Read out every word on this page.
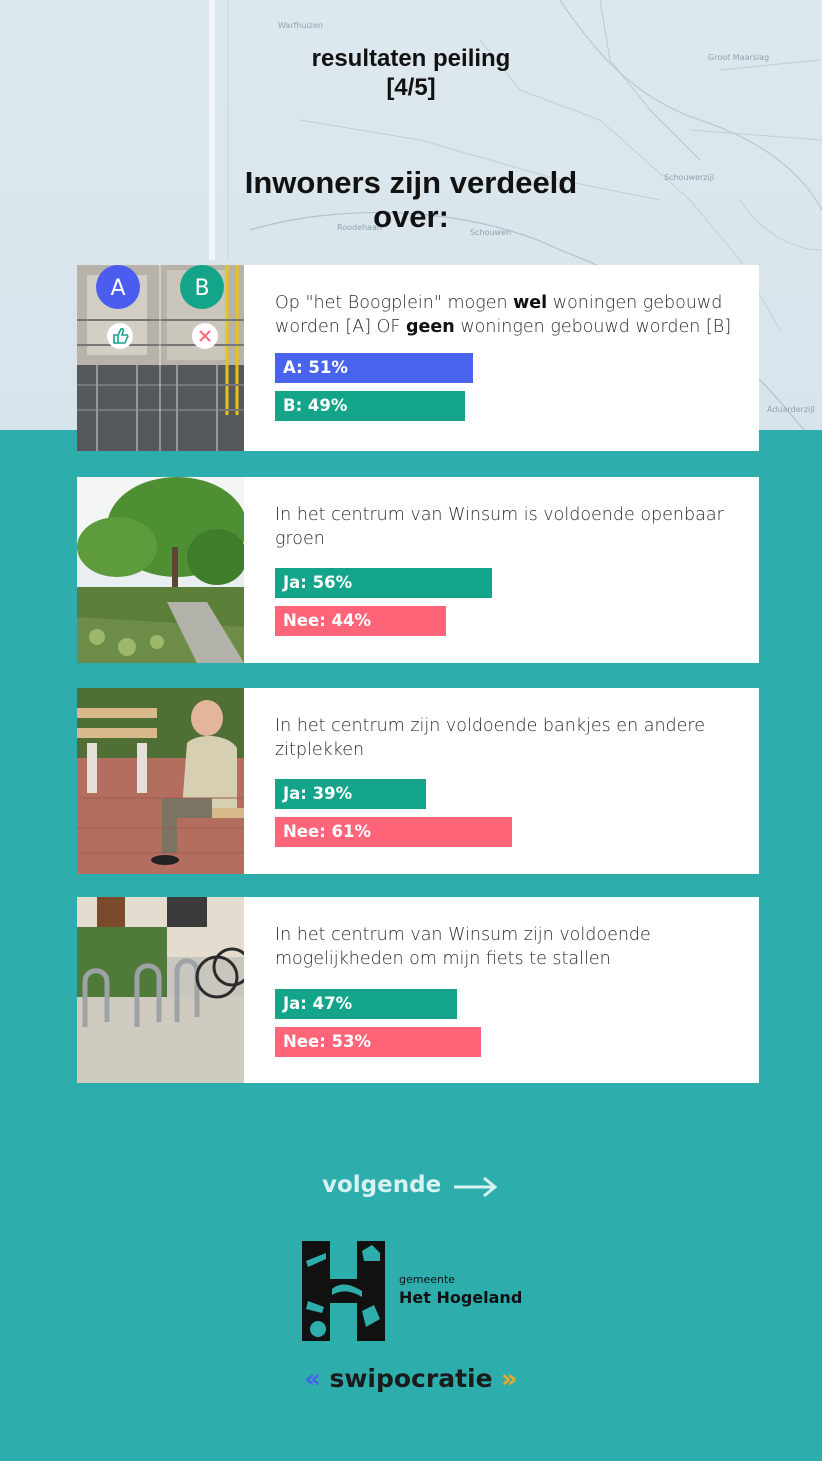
Warfhuizen
Groot Maarslag
Schouwerzijl
Roodehaan
Schouwen
Aduarderzijl
resultaten peiling
[4/5]
Inwoners zijn verdeeld
over:
A	B
Op "het Boogplein" mogen wel woningen gebouwd worden [A] OF geen woningen gebouwd worden [B]
A: 51%
B: 49%
In het centrum van Winsum is voldoende openbaar groen
Ja: 56%
Nee: 44%
In het centrum zijn voldoende bankjes en andere zitplekken
Ja: 39%
Nee: 61%
In het centrum van Winsum zijn voldoende mogelijkheden om mijn fiets te stallen
Ja: 47%
Nee: 53%
volgende
gemeente
Het Hogeland
« swipocratie »
